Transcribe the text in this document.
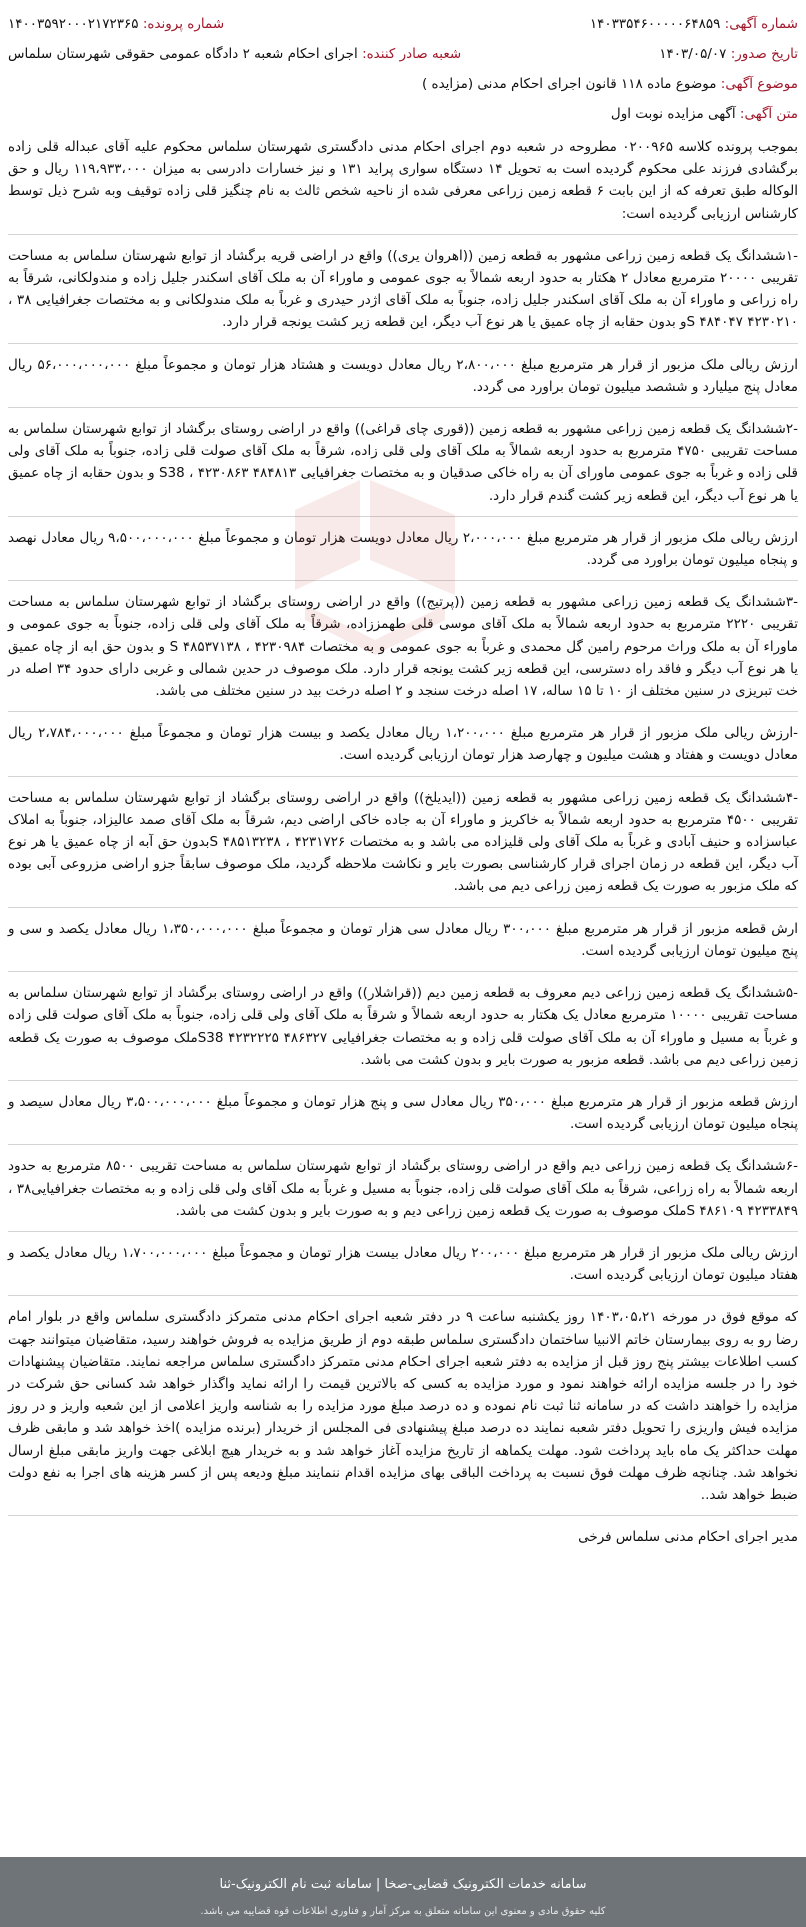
شماره آگهی: ۱۴۰۳۳۵۴۶۰۰۰۰۰۶۴۸۵۹
شماره پرونده: ۱۴۰۰۳۵۹۲۰۰۰۲۱۷۲۳۶۵
تاریخ صدور: ۱۴۰۳/۰۵/۰۷
شعبه صادر کننده: اجرای احکام شعبه ۲ دادگاه عمومی حقوقی شهرستان سلماس
موضوع آگهی: موضوع ماده ۱۱۸ قانون اجرای احکام مدنی (مزایده )
متن آگهی: آگهی مزایده نوبت اول

بموجب پرونده کلاسه ۰۲۰۰۹۶۵ مطروحه در شعبه دوم اجرای احکام مدنی دادگستری شهرستان سلماس محکوم علیه آقای عبداله قلی زاده برگشادی فرزند علی محکوم گردیده است به تحویل ۱۴ دستگاه سواری پراید ۱۳۱ و نیز خسارات دادرسی به میزان ۱۱۹،۹۳۳،۰۰۰ ریال و حق الوکاله طبق تعرفه که از این بابت ۶ قطعه زمین زراعی معرفی شده از ناحیه شخص ثالث به نام چنگیز قلی زاده توقیف وبه شرح ذیل توسط کارشناس ارزیابی گردیده است:

-۱ششدانگ یک قطعه زمین زراعی مشهور به قطعه زمین ((اهروان یری)) واقع در اراضی قریه برگشاد از توابع شهرستان سلماس به مساحت تقریبی ۲۰۰۰۰ مترمربع معادل ۲ هکتار به حدود اربعه شمالاً به جوی عمومی و ماوراء آن به ملک آقای اسکندر جلیل زاده و مندولکانی، شرقاً به راه زراعی و ماوراء آن به ملک آقای اسکندر جلیل زاده، جنوباً به ملک آقای اژدر حیدری و غرباً به ملک مندولکانی و به مختصات جغرافیایی ۳۸ ، ۴۲۳۰۲۱۰ ۴۸۴۰۴۷ Sو بدون حقابه از چاه عمیق یا هر نوع آب دیگر، این قطعه زیر کشت یونجه قرار دارد.

ارزش ریالی ملک مزبور از قرار هر مترمربع مبلغ ۲،۸۰۰،۰۰۰ ریال معادل دویست و هشتاد هزار تومان و مجموعاً مبلغ ۵۶،۰۰۰،۰۰۰،۰۰۰ ریال معادل پنج میلیارد و ششصد میلیون تومان براورد می گردد.

-۲ششدانگ یک قطعه زمین زراعی مشهور به قطعه زمین ((قوری چای قراغی)) واقع در اراضی روستای برگشاد از توابع شهرستان سلماس به مساحت تقریبی ۴۷۵۰ مترمربع به حدود اربعه شمالاً به ملک آقای ولی قلی زاده، شرقاً به ملک آقای صولت قلی زاده، جنوباً به ملک آقای ولی قلی زاده و غرباً به جوی عمومی ماورای آن به راه خاکی صدقیان و به مختصات جغرافیایی S38 ، ۴۲۳۰۸۶۳ ۴۸۴۸۱۳ و بدون حقابه از چاه عمیق یا هر نوع آب دیگر، این قطعه زیر کشت گندم قرار دارد.

ارزش ریالی ملک مزبور از قرار هر مترمربع مبلغ ۲،۰۰۰،۰۰۰ ریال معادل دویست هزار تومان و مجموعاً مبلغ ۹،۵۰۰،۰۰۰،۰۰۰ ریال معادل نهصد و پنجاه میلیون تومان براورد می گردد.

-۳ششدانگ یک قطعه زمین زراعی مشهور به قطعه زمین ((پرتیج)) واقع در اراضی روستای برگشاد از توابع شهرستان سلماس به مساحت تقریبی ۲۲۲۰ مترمربع به حدود اربعه شمالاً به ملک آقای موسی قلی طهمززاده، شرقاً به ملک آقای ولی قلی زاده، جنوباً به جوی عمومی و ماوراء آن به ملک وراث مرحوم رامین گل محمدی و غرباً به جوی عمومی و به مختصات S ۴۸۵۳۷۱۳۸ ، ۴۲۳۰۹۸۴ و بدون حق ابه از چاه عمیق یا هر نوع آب دیگر و فاقد راه دسترسی، این قطعه زیر کشت یونجه قرار دارد. ملک موصوف در حدین شمالی و غربی دارای حدود ۳۴ اصله در خت تبریزی در سنین مختلف از ۱۰ تا ۱۵ ساله، ۱۷ اصله درخت سنجد و ۲ اصله درخت بید در سنین مختلف می باشد.

-ارزش ریالی ملک مزبور از قرار هر مترمربع مبلغ ۱،۲۰۰،۰۰۰ ریال معادل یکصد و بیست هزار تومان و مجموعاً مبلغ ۲،۷۸۴،۰۰۰،۰۰۰ ریال معادل دویست و هفتاد و هشت میلیون و چهارصد هزار تومان ارزیابی گردیده است.

-۴ششدانگ یک قطعه زمین زراعی مشهور به قطعه زمین ((ایدیلخ)) واقع در اراضی روستای برگشاد از توابع شهرستان سلماس به مساحت تقریبی ۴۵۰۰ مترمربع به حدود اربعه شمالاً به خاکریز و ماوراء آن به جاده خاکی اراضی دیم، شرقاً به ملک آقای صمد عالیزاد، جنوباً به املاک عباسزاده و حنیف آبادی و غرباً به ملک آقای ولی قلیزاده می باشد و به مختصات S ۴۸۵۱۳۲۳۸ ، ۴۲۳۱۷۲۶بدون حق آبه از چاه عمیق یا هر نوع آب دیگر، این قطعه در زمان اجرای قرار کارشناسی بصورت بایر و نکاشت ملاحظه گردید، ملک موصوف سابقاً جزو اراضی مزروعی آبی بوده که ملک مزبور به صورت یک قطعه زمین زراعی دیم می باشد.

ارش قطعه مزبور از قرار هر مترمربع مبلغ ۳۰۰،۰۰۰ ریال معادل سی هزار تومان و مجموعاً مبلغ ۱،۳۵۰،۰۰۰،۰۰۰ ریال معادل یکصد و سی و پنج میلیون تومان ارزیابی گردیده است.

-۵ششدانگ یک قطعه زمین زراعی دیم معروف به قطعه زمین دیم ((قراشلار)) واقع در اراضی روستای برگشاد از توابع شهرستان سلماس به مساحت تقریبی ۱۰۰۰۰ مترمربع معادل یک هکتار به حدود اربعه شمالاً و شرقاً به ملک آقای ولی قلی زاده، جنوباً به ملک آقای صولت قلی زاده و غرباً به مسیل و ماوراء آن به ملک آقای صولت قلی زاده و به مختصات جغرافیایی S38 ۴۲۳۲۲۲۵ ۴۸۶۳۲۷ملک موصوف به صورت یک قطعه زمین زراعی دیم می باشد. قطعه مزبور به صورت بایر و بدون کشت می باشد.

ارزش قطعه مزبور از قرار هر مترمربع مبلغ ۳۵۰،۰۰۰ ریال معادل سی و پنج هزار تومان و مجموعاً مبلغ ۳،۵۰۰،۰۰۰،۰۰۰ ریال معادل سیصد و پنجاه میلیون تومان ارزیابی گردیده است.

-۶ششدانگ یک قطعه زمین زراعی دیم واقع در اراضی روستای برگشاد از توابع شهرستان سلماس به مساحت تقریبی ۸۵۰۰ مترمربع به حدود اربعه شمالاً به راه زراعی، شرقاً به ملک آقای صولت قلی زاده، جنوباً به مسیل و غرباً به ملک آقای ولی قلی زاده و به مختصات جغرافیایی۳۸ ، ۴۲۳۳۸۴۹ ۴۸۶۱۰۹ Sملک موصوف به صورت یک قطعه زمین زراعی دیم و به صورت بایر و بدون کشت می باشد.

ارزش ریالی ملک مزبور از قرار هر مترمربع مبلغ ۲۰۰،۰۰۰ ریال معادل بیست هزار تومان و مجموعاً مبلغ ۱،۷۰۰،۰۰۰،۰۰۰ ریال معادل یکصد و هفتاد میلیون تومان ارزیابی گردیده است.

که موقع فوق در مورخه ۱۴۰۳،۰۵،۲۱ روز یکشنبه ساعت ۹ در دفتر شعبه اجرای احکام مدنی متمرکز دادگستری سلماس واقع در بلوار امام رضا رو به روی بیمارستان خاتم الانبیا ساختمان دادگستری سلماس طبقه دوم از طریق مزایده به فروش خواهند رسید، متقاضیان میتوانند جهت کسب اطلاعات بیشتر پنج روز قبل از مزایده به دفتر شعبه اجرای احکام مدنی متمرکز دادگستری سلماس مراجعه نمایند. متقاضیان پیشنهادات خود را در جلسه مزایده ارائه خواهند نمود و مورد مزایده به کسی که بالاترین قیمت را ارائه نماید واگذار خواهد شد کسانی حق شرکت در مزایده را خواهند داشت که در سامانه ثنا ثبت نام نموده و ده درصد مبلغ مورد مزایده را به شناسه واریز اعلامی از این شعبه واریز و در روز مزایده فیش واریزی را تحویل دفتر شعبه نمایند ده درصد مبلغ پیشنهادی فی المجلس از خریدار (برنده مزایده )اخذ خواهد شد و مابقی ظرف مهلت حداکثر یک ماه باید پرداخت شود. مهلت یکماهه از تاریخ مزایده آغاز خواهد شد و به خریدار هیچ ابلاغی جهت واریز مابقی مبلغ ارسال نخواهد شد. چنانچه ظرف مهلت فوق نسبت به پرداخت الباقی بهای مزایده اقدام ننمایند مبلغ ودیعه پس از کسر هزینه های اجرا به نفع دولت ضبط خواهد شد..

مدیر اجرای احکام مدنی سلماس فرخی

سامانه خدمات الکترونیک قضایی-صخا | سامانه ثبت نام الکترونیک-ثنا
کلیه حقوق مادی و معنوی این سامانه متعلق به مرکز آمار و فناوری اطلاعات قوه قضاییه می باشد.
